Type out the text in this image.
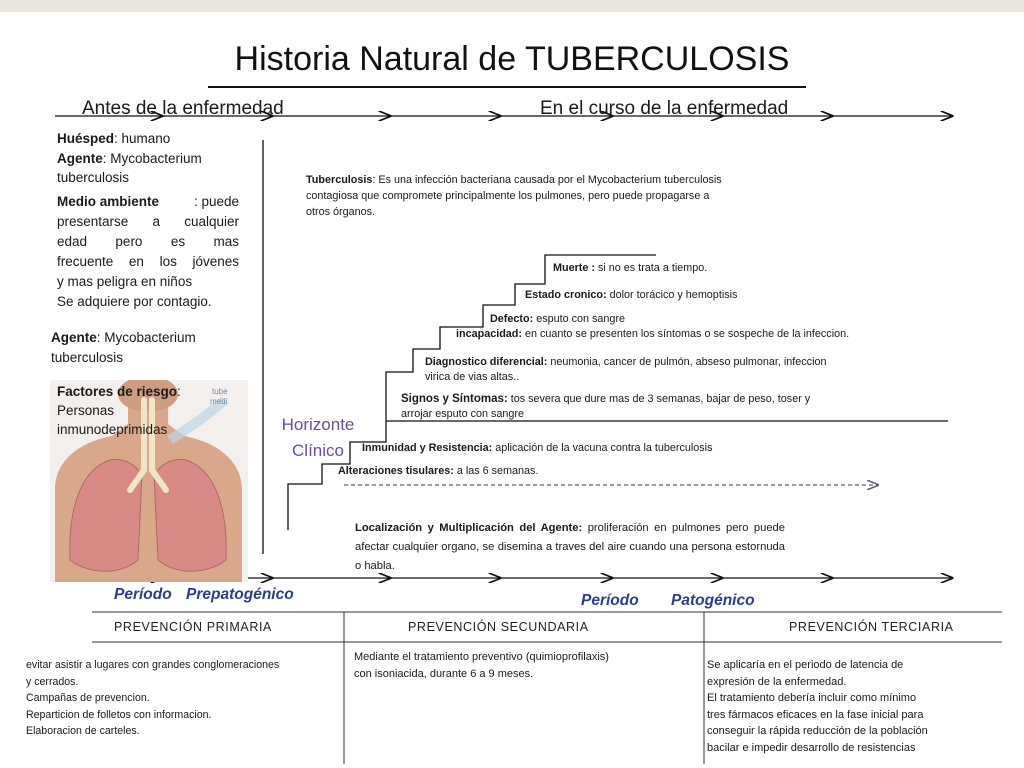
Historia Natural de TUBERCULOSIS
Antes de la enfermedad	En el curso de la enfermedad
Huésped: humano
Agente: Mycobacterium
tuberculosis
Medio ambiente	: puede
presentarse a cualquier
edad pero es mas
frecuente en los jóvenes
y mas peligra en niños
Se adquiere por contagio.
Agente: Mycobacterium
tuberculosis
tube
medi
Factores de riesgo:
Personas
inmunodeprimidas
Tuberculosis: Es una infección bacteriana causada por el Mycobacterium tuberculosis
contagiosa que compromete principalmente los pulmones, pero puede propagarse a
otros órganos.
Muerte : si no es trata a tiempo.
Estado cronico: dolor torácico y hemoptisis
Defecto: esputo con sangre
incapacidad: en cuanto se presenten los síntomas o se sospeche de la infeccion.
Diagnostico diferencial: neumonia, cancer de pulmón, abseso pulmonar, infeccion
virica de vias altas..
Signos y Síntomas: tos severa que dure mas de 3 semanas, bajar de peso, toser y
arrojar esputo con sangre
Inmunidad y Resistencia: aplicación de la vacuna contra la tuberculosis
Alteraciones tisulares: a las 6 semanas.
Horizonte
Clínico
Localización y Multiplicación del Agente: proliferación en pulmones pero puede afectar cualquier organo, se disemina a traves del aire cuando una persona estornuda o habla.
Período Prepatogénico	Período Patogénico
PREVENCIÓN PRIMARIA	PREVENCIÓN SECUNDARIA	PREVENCIÓN TERCIARIA
evitar asistir a lugares con grandes conglomeraciones
y cerrados.
Campañas de prevencion.
Reparticion de folletos con informacion.
Elaboracion de carteles.
Mediante el tratamiento preventivo (quimioprofilaxis)
con isoniacida, durante 6 a 9 meses.
Se aplicaría en el periodo de latencia de
expresión de la enfermedad.
El tratamiento debería incluir como mínimo
tres fármacos eficaces en la fase inicial para
conseguir la rápida reducción de la población
bacilar e impedir desarrollo de resistencias
